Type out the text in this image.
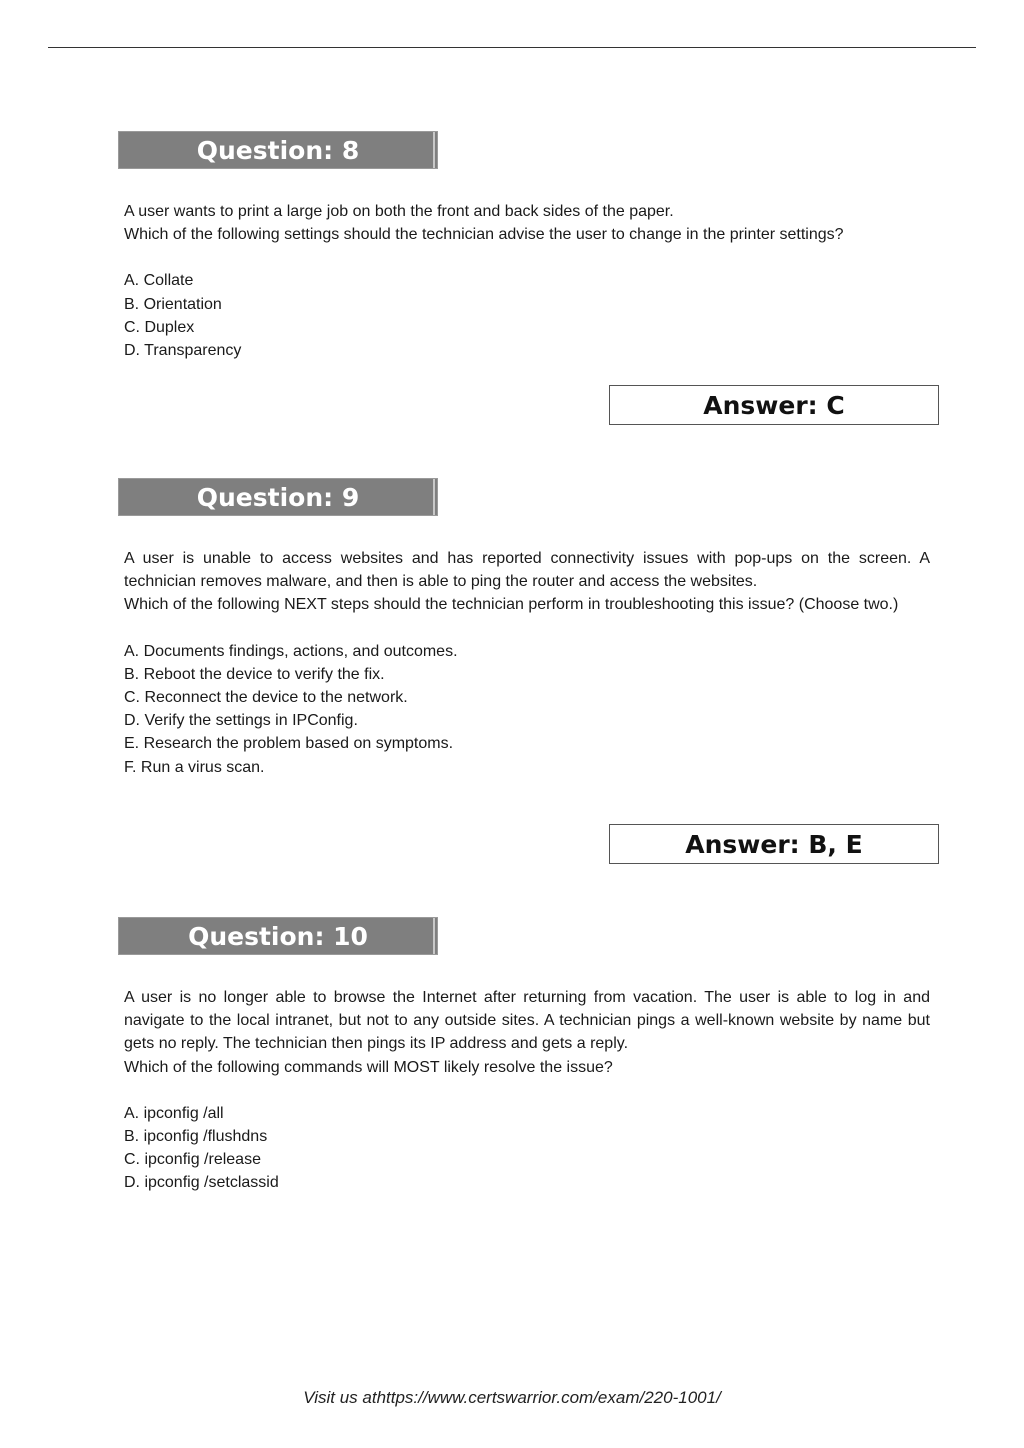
Question: 8

A user wants to print a large job on both the front and back sides of the paper.

Which of the following settings should the technician advise the user to change in the printer settings?

A. Collate

B. Orientation

C. Duplex

D. Transparency

Answer: C
Question: 9

A user is unable to access websites and has reported connectivity issues with pop-ups on the screen. A technician removes malware, and then is able to ping the router and access the websites.

Which of the following NEXT steps should the technician perform in troubleshooting this issue? (Choose two.)

A. Documents findings, actions, and outcomes.

B. Reboot the device to verify the fix.

C. Reconnect the device to the network.

D. Verify the settings in IPConfig.

E. Research the problem based on symptoms.

F. Run a virus scan.

Answer: B, E
Question: 10

A user is no longer able to browse the Internet after returning from vacation. The user is able to log in and navigate to the local intranet, but not to any outside sites. A technician pings a well-known website by name but gets no reply. The technician then pings its IP address and gets a reply.

Which of the following commands will MOST likely resolve the issue?

A. ipconfig /all

B. ipconfig /flushdns

C. ipconfig /release

D. ipconfig /setclassid

Visit us athttps://www.certswarrior.com/exam/220-1001/
